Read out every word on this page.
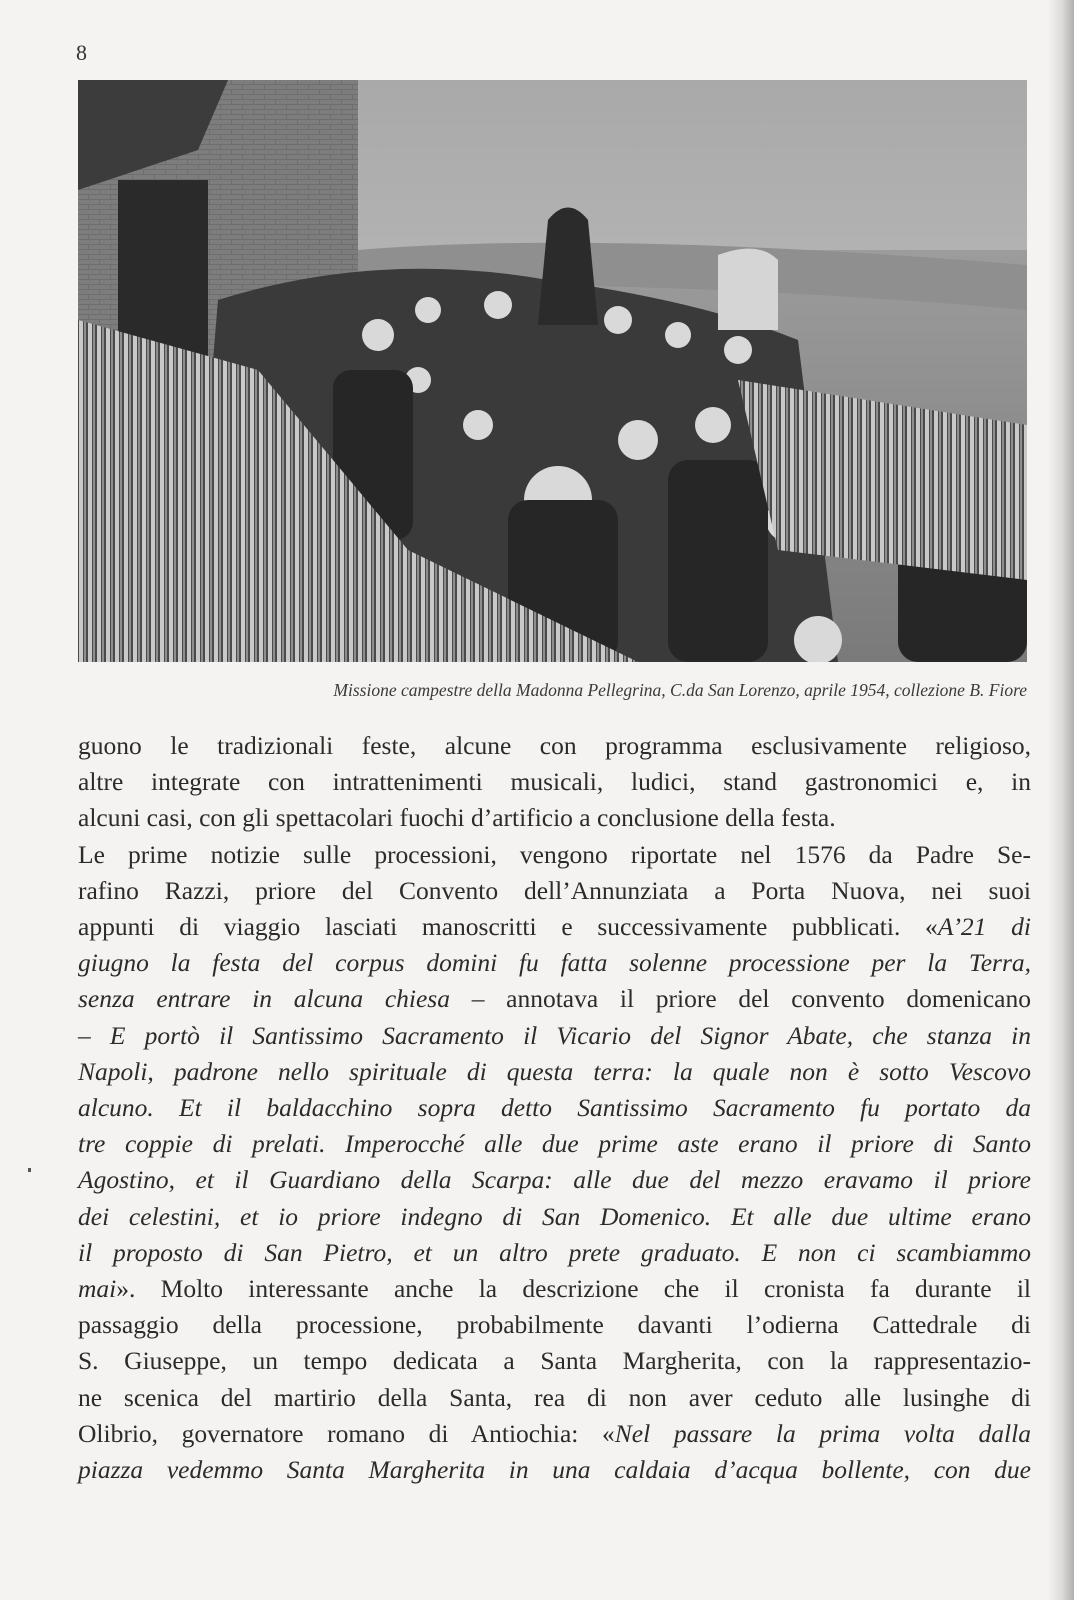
8
Missione campestre della Madonna Pellegrina, C.da San Lorenzo, aprile 1954, collezione B. Fiore

guono le tradizionali feste, alcune con programma esclusivamente religioso,
altre integrate con intrattenimenti musicali, ludici, stand gastronomici e, in
alcuni casi, con gli spettacolari fuochi d’artificio a conclusione della festa.

Le prime notizie sulle processioni, vengono riportate nel 1576 da Padre Se-
rafino Razzi, priore del Convento dell’Annunziata a Porta Nuova, nei suoi
appunti di viaggio lasciati manoscritti e successivamente pubblicati. «A’21 di
giugno la festa del corpus domini fu fatta solenne processione per la Terra,
senza entrare in alcuna chiesa – annotava il priore del convento domenicano
– E portò il Santissimo Sacramento il Vicario del Signor Abate, che stanza in
Napoli, padrone nello spirituale di questa terra: la quale non è sotto Vescovo
alcuno. Et il baldacchino sopra detto Santissimo Sacramento fu portato da
tre coppie di prelati. Imperocché alle due prime aste erano il priore di Santo
Agostino, et il Guardiano della Scarpa: alle due del mezzo eravamo il priore
dei celestini, et io priore indegno di San Domenico. Et alle due ultime erano
il proposto di San Pietro, et un altro prete graduato. E non ci scambiammo
mai». Molto interessante anche la descrizione che il cronista fa durante il
passaggio della processione, probabilmente davanti l’odierna Cattedrale di
S. Giuseppe, un tempo dedicata a Santa Margherita, con la rappresentazio-
ne scenica del martirio della Santa, rea di non aver ceduto alle lusinghe di
Olibrio, governatore romano di Antiochia: «Nel passare la prima volta dalla
piazza vedemmo Santa Margherita in una caldaia d’acqua bollente, con due
